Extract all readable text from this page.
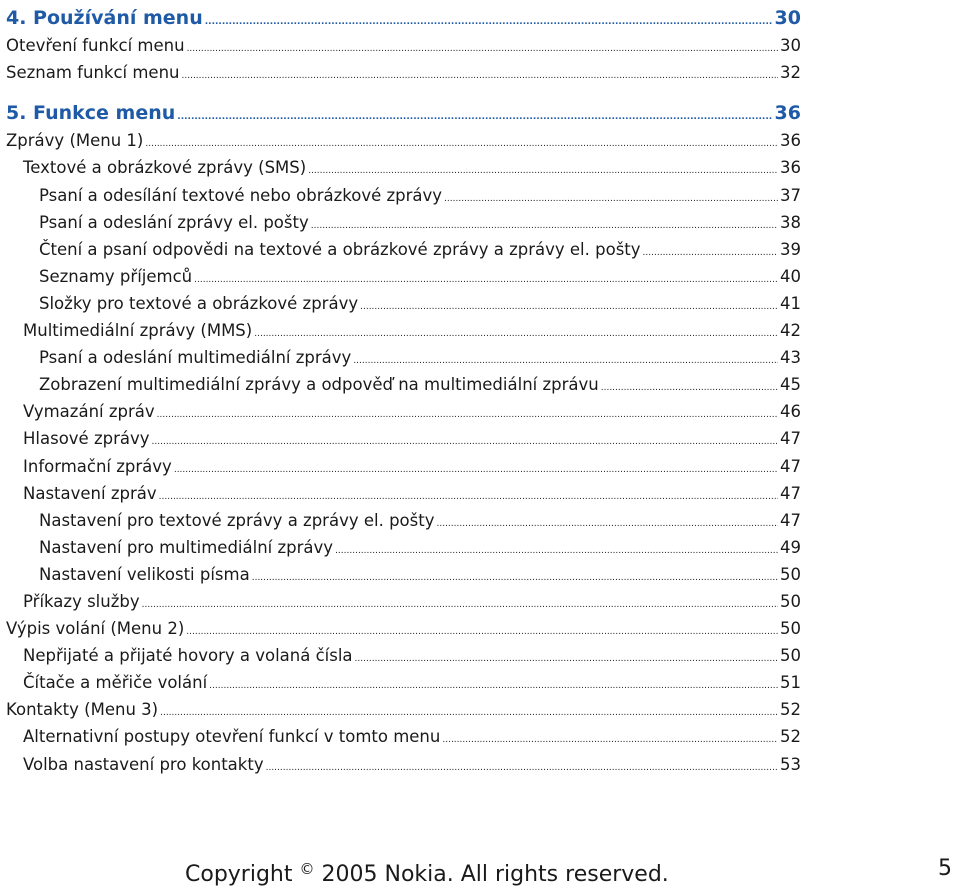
4. Používání menu .....	30
Otevření funkcí menu .....	30
Seznam funkcí menu .....	32
5. Funkce menu .....	36
Zprávy (Menu 1) .....	36
Textové a obrázkové zprávy (SMS) .....	36
Psaní a odesílání textové nebo obrázkové zprávy .....	37
Psaní a odeslání zprávy el. pošty .....	38
Čtení a psaní odpovědi na textové a obrázkové zprávy a zprávy el. pošty .....	39
Seznamy příjemců .....	40
Složky pro textové a obrázkové zprávy .....	41
Multimediální zprávy (MMS) .....	42
Psaní a odeslání multimediální zprávy .....	43
Zobrazení multimediální zprávy a odpověď na multimediální zprávu .....	45
Vymazání zpráv .....	46
Hlasové zprávy .....	47
Informační zprávy .....	47
Nastavení zpráv .....	47
Nastavení pro textové zprávy a zprávy el. pošty .....	47
Nastavení pro multimediální zprávy .....	49
Nastavení velikosti písma .....	50
Příkazy služby .....	50
Výpis volání (Menu 2) .....	50
Nepřijaté a přijaté hovory a volaná čísla .....	50
Čítače a měřiče volání .....	51
Kontakty (Menu 3) .....	52
Alternativní postupy otevření funkcí v tomto menu .....	52
Volba nastavení pro kontakty .....	53
Copyright © 2005 Nokia. All rights reserved.	5
